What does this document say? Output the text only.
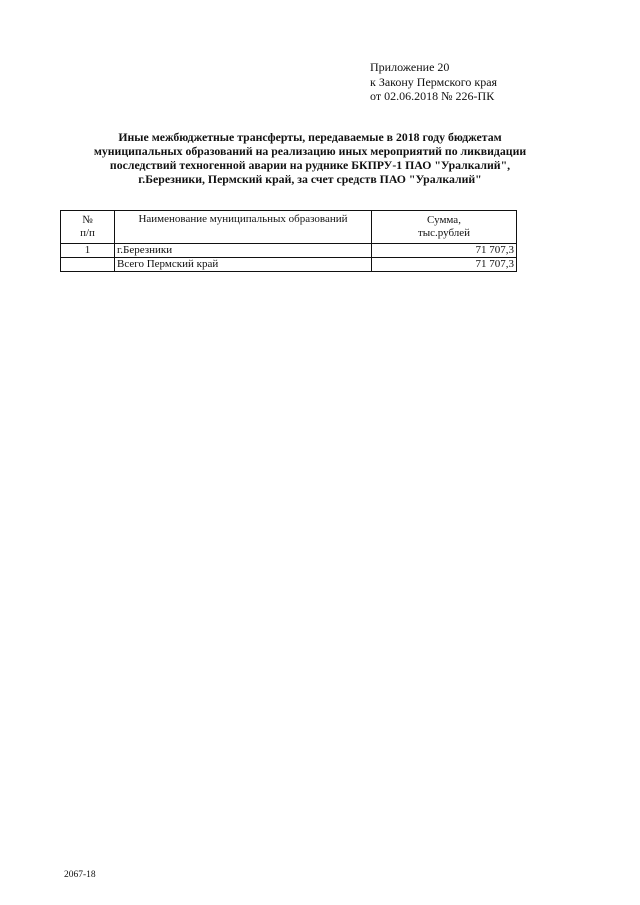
Приложение 20
к Закону Пермского края
от 02.06.2018 № 226-ПК
Иные межбюджетные трансферты, передаваемые в 2018 году бюджетам
муниципальных образований на реализацию иных мероприятий по ликвидации
последствий техногенной аварии на руднике БКПРУ-1 ПАО "Уралкалий",
г.Березники, Пермский край, за счет средств ПАО "Уралкалий"
№
п/п	Наименование муниципальных образований	Сумма,
тыс.рублей

1	г.Березники	71 707,3
	Всего Пермский край	71 707,3
2067-18
